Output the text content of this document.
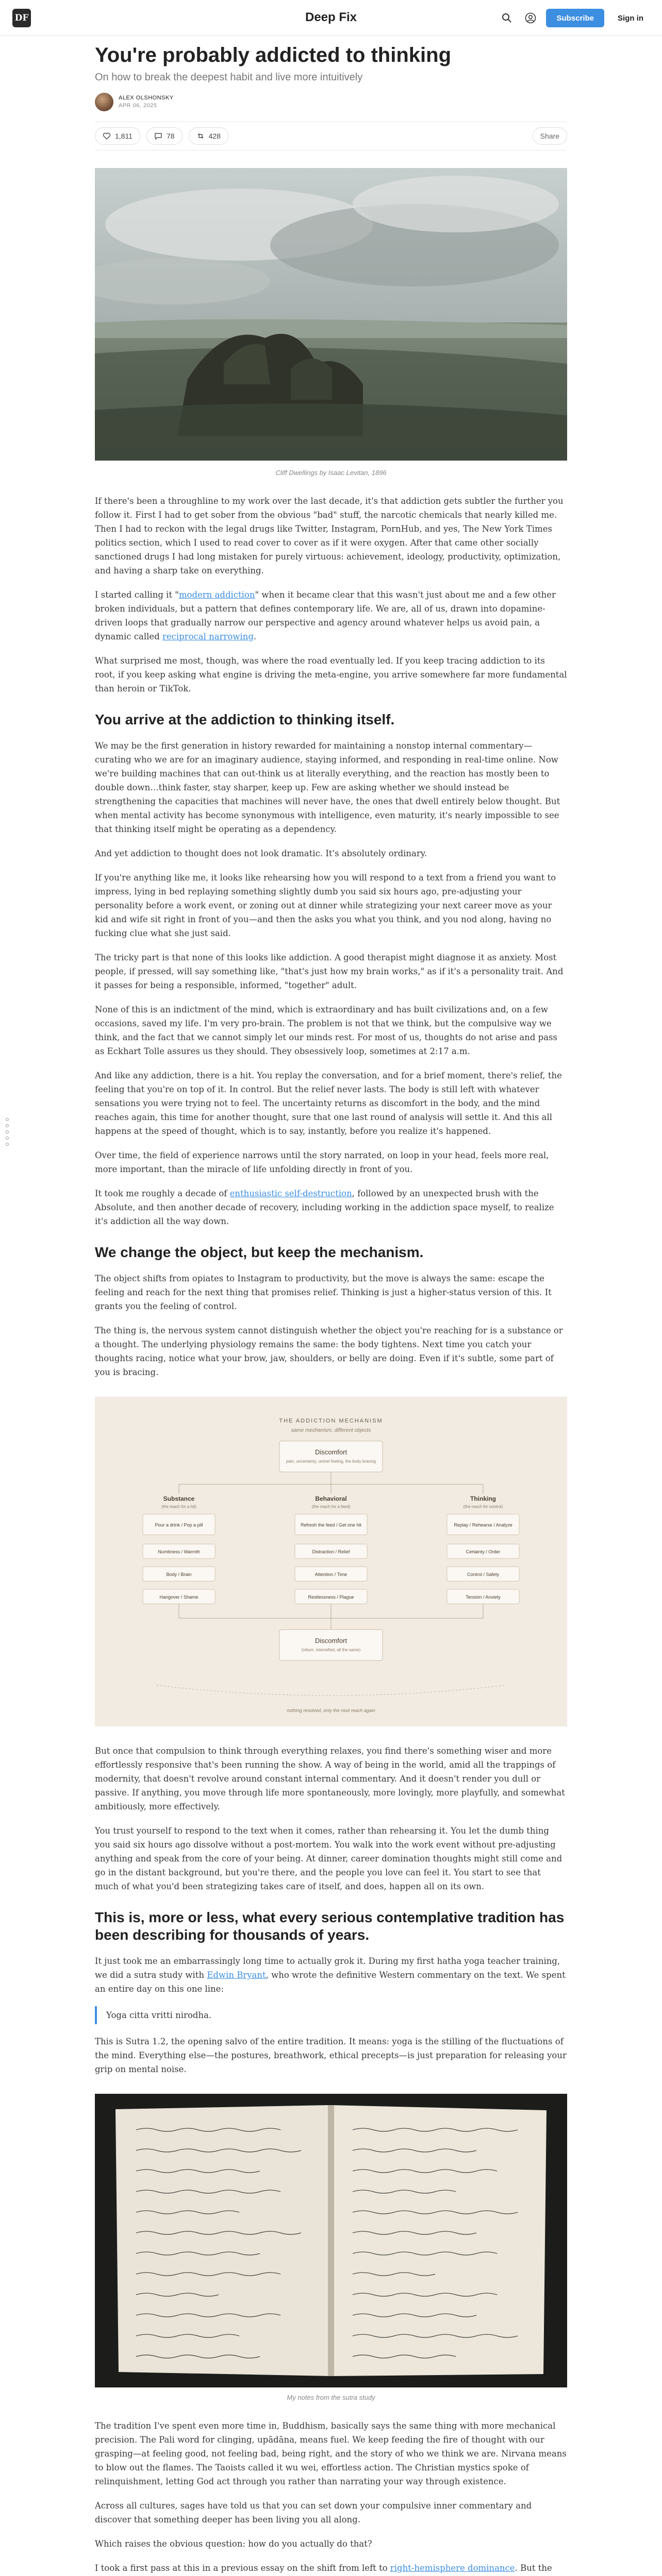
DF	Deep Fix	Subscribe	Sign in
You're probably addicted to thinking
On how to break the deepest habit and live more intuitively
ALEX OLSHONSKY
APR 06, 2025
1,811	78	428	Share
Cliff Dwellings by Isaac Levitan, 1896

If there's been a throughline to my work over the last decade, it's that addiction gets subtler the further you follow it. First I had to get sober from the obvious "bad" stuff, the narcotic chemicals that nearly killed me. Then I had to reckon with the legal drugs like Twitter, Instagram, PornHub, and yes, The New York Times politics section, which I used to read cover to cover as if it were oxygen. After that came other socially sanctioned drugs I had long mistaken for purely virtuous: achievement, ideology, productivity, optimization, and having a sharp take on everything.

I started calling it "modern addiction" when it became clear that this wasn't just about me and a few other broken individuals, but a pattern that defines contemporary life. We are, all of us, drawn into dopamine-driven loops that gradually narrow our perspective and agency around whatever helps us avoid pain, a dynamic called reciprocal narrowing.

What surprised me most, though, was where the road eventually led. If you keep tracing addiction to its root, if you keep asking what engine is driving the meta-engine, you arrive somewhere far more fundamental than heroin or TikTok.

You arrive at the addiction to thinking itself.

We may be the first generation in history rewarded for maintaining a nonstop internal commentary—curating who we are for an imaginary audience, staying informed, and responding in real-time online. Now we're building machines that can out-think us at literally everything, and the reaction has mostly been to double down…think faster, stay sharper, keep up. Few are asking whether we should instead be strengthening the capacities that machines will never have, the ones that dwell entirely below thought. But when mental activity has become synonymous with intelligence, even maturity, it's nearly impossible to see that thinking itself might be operating as a dependency.

And yet addiction to thought does not look dramatic. It's absolutely ordinary.

If you're anything like me, it looks like rehearsing how you will respond to a text from a friend you want to impress, lying in bed replaying something slightly dumb you said six hours ago, pre-adjusting your personality before a work event, or zoning out at dinner while strategizing your next career move as your kid and wife sit right in front of you—and then the asks you what you think, and you nod along, having no fucking clue what she just said.

The tricky part is that none of this looks like addiction. A good therapist might diagnose it as anxiety. Most people, if pressed, will say something like, "that's just how my brain works," as if it's a personality trait. And it passes for being a responsible, informed, "together" adult.

None of this is an indictment of the mind, which is extraordinary and has built civilizations and, on a few occasions, saved my life. I'm very pro-brain. The problem is not that we think, but the compulsive way we think, and the fact that we cannot simply let our minds rest. For most of us, thoughts do not arise and pass as Eckhart Tolle assures us they should. They obsessively loop, sometimes at 2:17 a.m.

And like any addiction, there is a hit. You replay the conversation, and for a brief moment, there's relief, the feeling that you're on top of it. In control. But the relief never lasts. The body is still left with whatever sensations you were trying not to feel. The uncertainty returns as discomfort in the body, and the mind reaches again, this time for another thought, sure that one last round of analysis will settle it. And this all happens at the speed of thought, which is to say, instantly, before you realize it's happened.

Over time, the field of experience narrows until the story narrated, on loop in your head, feels more real, more important, than the miracle of life unfolding directly in front of you.

It took me roughly a decade of enthusiastic self-destruction, followed by an unexpected brush with the Absolute, and then another decade of recovery, including working in the addiction space myself, to realize it's addiction all the way down.

We change the object, but keep the mechanism.

The object shifts from opiates to Instagram to productivity, but the move is always the same: escape the feeling and reach for the next thing that promises relief. Thinking is just a higher-status version of this. It grants you the feeling of control.

The thing is, the nervous system cannot distinguish whether the object you're reaching for is a substance or a thought. The underlying physiology remains the same: the body tightens. Next time you catch your thoughts racing, notice what your brow, jaw, shoulders, or belly are doing. Even if it's subtle, some part of you is bracing.

THE ADDICTION MECHANISM
same mechanism, different objects
Discomfort
pain, uncertainty, unmet feeling, the body bracing
Substance
(the reach for a hit)
Pour a drink / Pop a pill
Numbness / Warmth
Body / Brain
Hangover / Shame
Behavioral
(the reach for a feed)
Refresh the feed / Get one hit
Distraction / Relief
Attention / Time
Restlessness / Plague
Thinking
(the reach for control)
Replay / Rehearse / Analyze
Certainty / Order
Control / Safety
Tension / Anxiety
Discomfort
(return, intensified, all the same)
nothing resolved, only the next reach again

But once that compulsion to think through everything relaxes, you find there's something wiser and more effortlessly responsive that's been running the show. A way of being in the world, amid all the trappings of modernity, that doesn't revolve around constant internal commentary. And it doesn't render you dull or passive. If anything, you move through life more spontaneously, more lovingly, more playfully, and somewhat ambitiously, more effectively.

You trust yourself to respond to the text when it comes, rather than rehearsing it. You let the dumb thing you said six hours ago dissolve without a post-mortem. You walk into the work event without pre-adjusting anything and speak from the core of your being. At dinner, career domination thoughts might still come and go in the distant background, but you're there, and the people you love can feel it. You start to see that much of what you'd been strategizing takes care of itself, and does, happen all on its own.

This is, more or less, what every serious contemplative tradition has been describing for thousands of years.

It just took me an embarrassingly long time to actually grok it. During my first hatha yoga teacher training, we did a sutra study with Edwin Bryant, who wrote the definitive Western commentary on the text. We spent an entire day on this one line:

Yoga citta vritti nirodha.

This is Sutra 1.2, the opening salvo of the entire tradition. It means: yoga is the stilling of the fluctuations of the mind. Everything else—the postures, breathwork, ethical precepts—is just preparation for releasing your grip on mental noise.

My notes from the sutra study

The tradition I've spent even more time in, Buddhism, basically says the same thing with more mechanical precision. The Pali word for clinging, upādāna, means fuel. We keep feeding the fire of thought with our grasping—at feeling good, not feeling bad, being right, and the story of who we think we are. Nirvana means to blow out the flames. The Taoists called it wu wei, effortless action. The Christian mystics spoke of relinquishment, letting God act through you rather than narrating your way through existence.

Across all cultures, sages have told us that you can set down your compulsive inner commentary and discover that something deeper has been living you all along.

Which raises the obvious question: how do you actually do that?

I took a first pass at this in a previous essay on the shift from left to right-hemisphere dominance. But the
